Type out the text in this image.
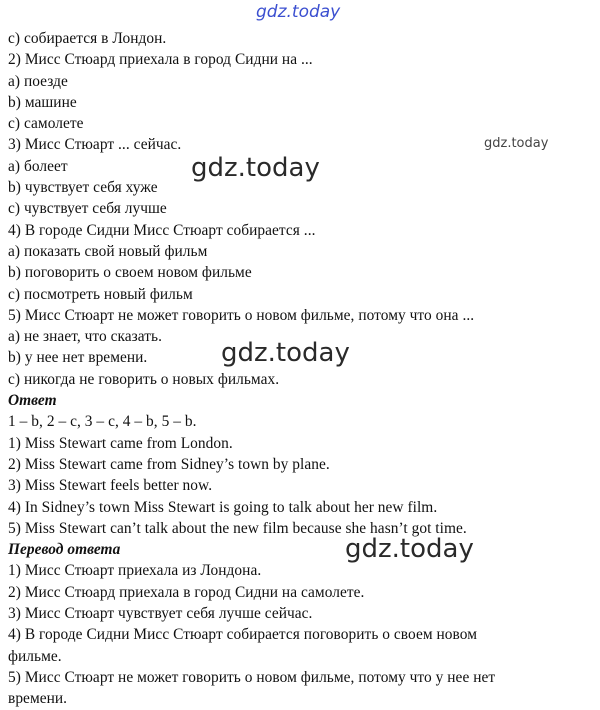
gdz.today
gdz.today
gdz.today
gdz.today
gdz.today
с) собирается в Лондон.
2) Мисс Стюард приехала в город Сидни на ...
а) поезде
b) машине
с) самолете
3) Мисс Стюарт ... сейчас.
а) болеет
b) чувствует себя хуже
с) чувствует себя лучше
4) В городе Сидни Мисс Стюарт собирается ...
а) показать свой новый фильм
b) поговорить о своем новом фильме
с) посмотреть новый фильм
5) Мисс Стюарт не может говорить о новом фильме, потому что она ...
а) не знает, что сказать.
b) у нее нет времени.
с) никогда не говорить о новых фильмах.
Ответ
1 – b, 2 – c, 3 – c, 4 – b, 5 – b.
1) Miss Stewart came from London.
2) Miss Stewart came from Sidney’s town by plane.
3) Miss Stewart feels better now.
4) In Sidney’s town Miss Stewart is going to talk about her new film.
5) Miss Stewart can’t talk about the new film because she hasn’t got time.
Перевод ответа
1) Мисс Стюарт приехала из Лондона.
2) Мисс Стюард приехала в город Сидни на самолете.
3) Мисс Стюарт чувствует себя лучше сейчас.
4) В городе Сидни Мисс Стюарт собирается поговорить о своем новом
фильме.
5) Мисс Стюарт не может говорить о новом фильме, потому что у нее нет
времени.
